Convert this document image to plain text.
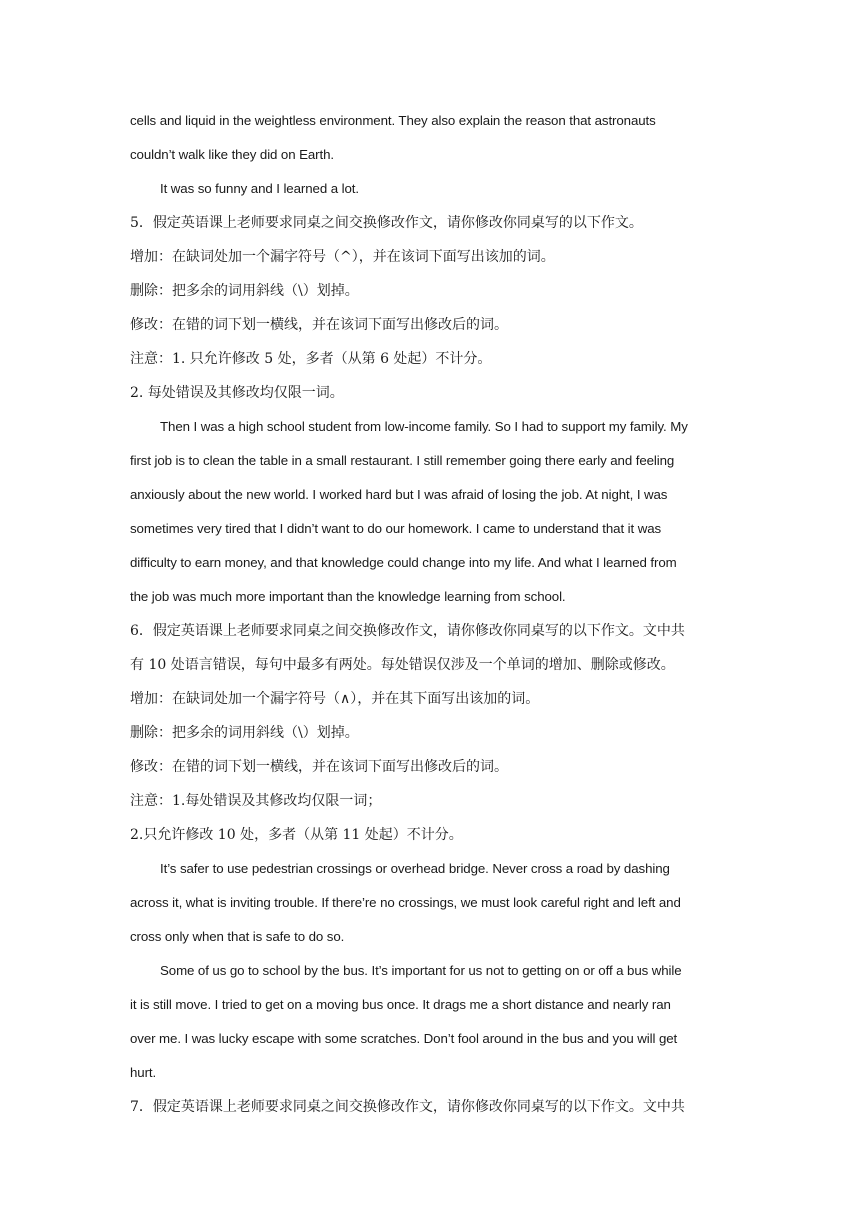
cells and liquid in the weightless environment. They also explain the reason that astronauts
couldn’t walk like they did on Earth.
It was so funny and I learned a lot.
5．假定英语课上老师要求同桌之间交换修改作文，请你修改你同桌写的以下作文。
增加：在缺词处加一个漏字符号（^），并在该词下面写出该加的词。
删除：把多余的词用斜线（\）划掉。
修改：在错的词下划一横线，并在该词下面写出修改后的词。
注意：1. 只允许修改 5 处，多者（从第 6 处起）不计分。
2. 每处错误及其修改均仅限一词。
Then I was a high school student from low-income family. So I had to support my family. My
first job is to clean the table in a small restaurant. I still remember going there early and feeling
anxiously about the new world. I worked hard but I was afraid of losing the job. At night, I was
sometimes very tired that I didn’t want to do our homework. I came to understand that it was
difficulty to earn money, and that knowledge could change into my life. And what I learned from
the job was much more important than the knowledge learning from school.
6．假定英语课上老师要求同桌之间交换修改作文，请你修改你同桌写的以下作文。文中共
有 10 处语言错误，每句中最多有两处。每处错误仅涉及一个单词的增加、删除或修改。
增加：在缺词处加一个漏字符号（∧），并在其下面写出该加的词。
删除：把多余的词用斜线（\）划掉。
修改：在错的词下划一横线，并在该词下面写出修改后的词。
注意：1.每处错误及其修改均仅限一词；
2.只允许修改 10 处，多者（从第 11 处起）不计分。
It’s safer to use pedestrian crossings or overhead bridge. Never cross a road by dashing
across it, what is inviting trouble. If there’re no crossings, we must look careful right and left and
cross only when that is safe to do so.
Some of us go to school by the bus. It’s important for us not to getting on or off a bus while
it is still move. I tried to get on a moving bus once. It drags me a short distance and nearly ran
over me. I was lucky escape with some scratches. Don’t fool around in the bus and you will get
hurt.
7．假定英语课上老师要求同桌之间交换修改作文，请你修改你同桌写的以下作文。文中共
